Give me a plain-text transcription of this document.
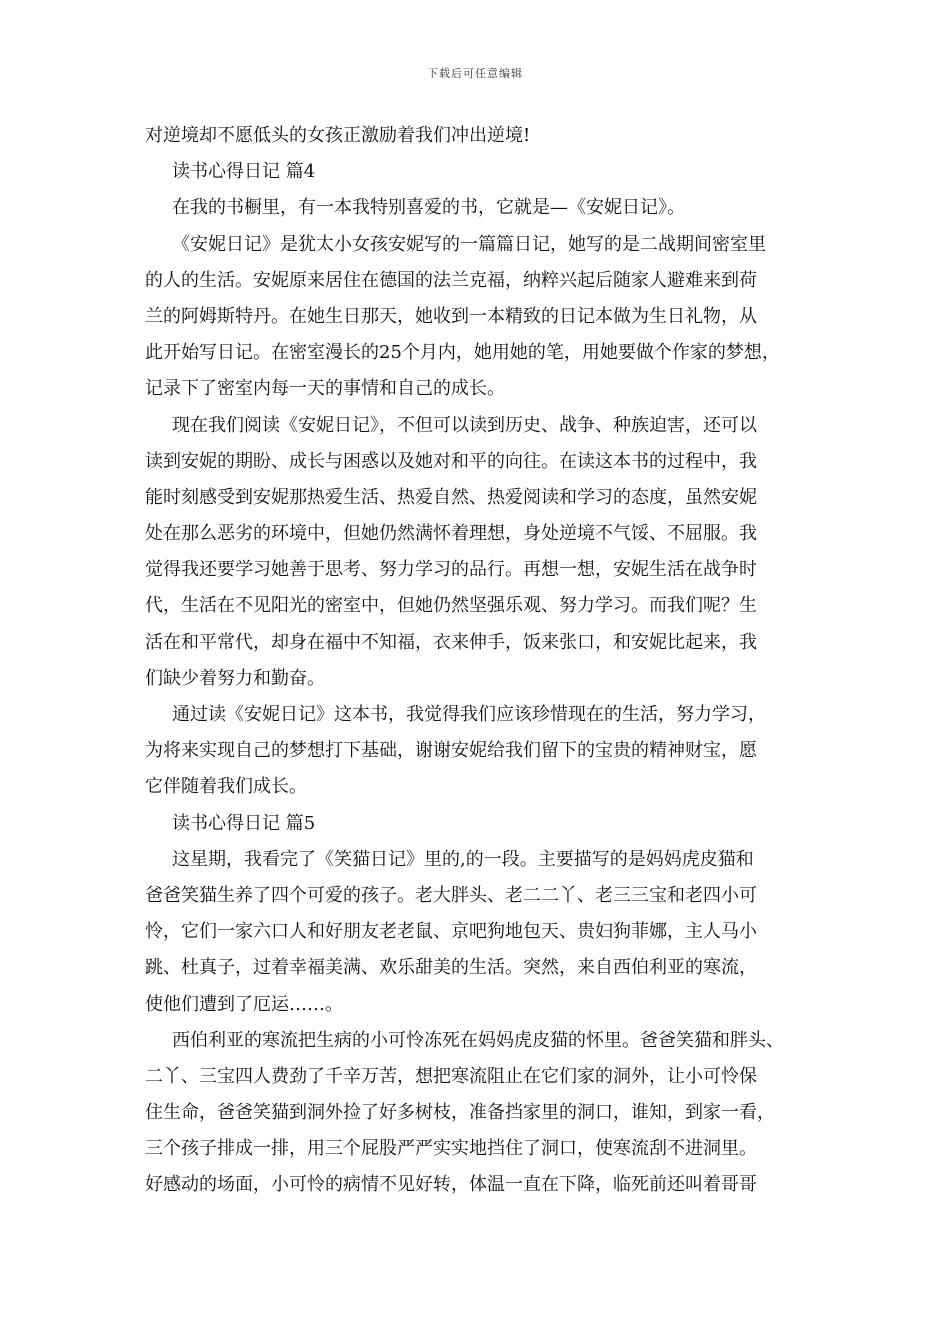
下载后可任意编辑
对逆境却不愿低头的女孩正激励着我们冲出逆境!
读书心得日记 篇4
在我的书橱里，有一本我特别喜爱的书，它就是—《安妮日记》。
《安妮日记》是犹太小女孩安妮写的一篇篇日记，她写的是二战期间密室里
的人的生活。安妮原来居住在德国的法兰克福，纳粹兴起后随家人避难来到荷
兰的阿姆斯特丹。在她生日那天，她收到一本精致的日记本做为生日礼物，从
此开始写日记。在密室漫长的25个月内，她用她的笔，用她要做个作家的梦想，
记录下了密室内每一天的事情和自己的成长。
现在我们阅读《安妮日记》，不但可以读到历史、战争、种族迫害，还可以
读到安妮的期盼、成长与困惑以及她对和平的向往。在读这本书的过程中，我
能时刻感受到安妮那热爱生活、热爱自然、热爱阅读和学习的态度，虽然安妮
处在那么恶劣的环境中，但她仍然满怀着理想，身处逆境不气馁、不屈服。我
觉得我还要学习她善于思考、努力学习的品行。再想一想，安妮生活在战争时
代，生活在不见阳光的密室中，但她仍然坚强乐观、努力学习。而我们呢？生
活在和平常代，却身在福中不知福，衣来伸手，饭来张口，和安妮比起来，我
们缺少着努力和勤奋。
通过读《安妮日记》这本书，我觉得我们应该珍惜现在的生活，努力学习，
为将来实现自己的梦想打下基础，谢谢安妮给我们留下的宝贵的精神财宝，愿
它伴随着我们成长。
读书心得日记 篇5
这星期，我看完了《笑猫日记》里的,的一段。主要描写的是妈妈虎皮猫和
爸爸笑猫生养了四个可爱的孩子。老大胖头、老二二丫、老三三宝和老四小可
怜，它们一家六口人和好朋友老老鼠、京吧狗地包天、贵妇狗菲娜，主人马小
跳、杜真子，过着幸福美满、欢乐甜美的生活。突然，来自西伯利亚的寒流，
使他们遭到了厄运……。
西伯利亚的寒流把生病的小可怜冻死在妈妈虎皮猫的怀里。爸爸笑猫和胖头、
二丫、三宝四人费劲了千辛万苦，想把寒流阻止在它们家的洞外，让小可怜保
住生命，爸爸笑猫到洞外捡了好多树枝，准备挡家里的洞口，谁知，到家一看，
三个孩子排成一排，用三个屁股严严实实地挡住了洞口，使寒流刮不进洞里。
好感动的场面，小可怜的病情不见好转，体温一直在下降，临死前还叫着哥哥
